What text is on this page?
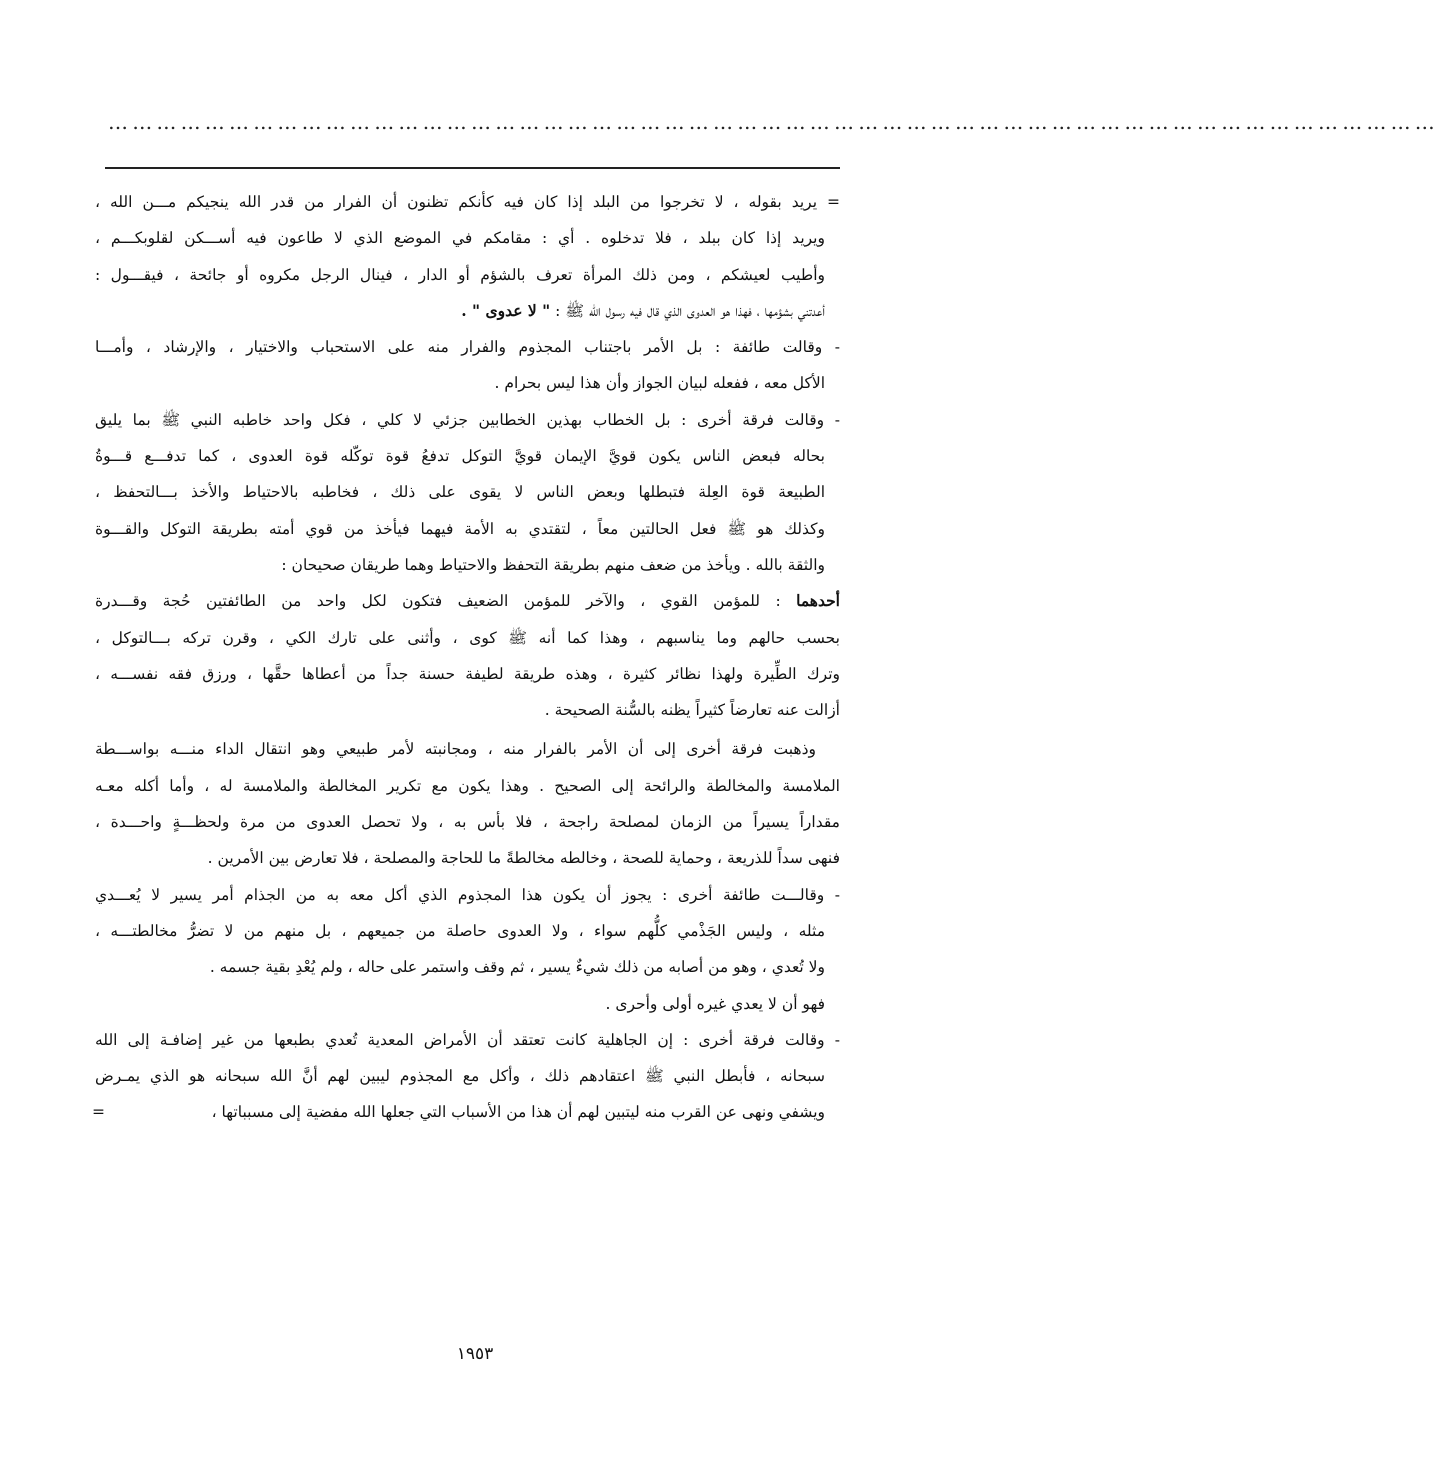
…………………………………………………………………………………………………………………………………………………
= يريد بقوله ، لا تخرجوا من البلد إذا كان فيه كأنكم تظنون أن الفرار من قدر الله ينجيكم مـــن الله ،
ويريد إذا كان ببلد ، فلا تدخلوه . أي : مقامكم في الموضع الذي لا طاعون فيه أســـكن لقلوبكـــم ،
وأطيب لعيشكم ، ومن ذلك المرأة تعرف بالشؤم أو الدار ، فينال الرجل مكروه أو جائحة ، فيقـــول :
أعدتني بشؤمها ، فهذا هو العدوى الذي قال فيه رسول الله ﷺ : " لا عدوى " .
- وقالت طائفة : بل الأمر باجتناب المجذوم والفرار منه على الاستحباب والاختيار ، والإرشاد ، وأمـــا
الأكل معه ، ففعله لبيان الجواز وأن هذا ليس بحرام .
- وقالت فرقة أخرى : بل الخطاب بهذين الخطابين جزئي لا كلي ، فكل واحد خاطبه النبي ﷺ بما يليق
بحاله فبعض الناس يكون قويَّ الإيمان قويَّ التوكل تدفعُ قوة توكّله قوة العدوى ، كما تدفـــع قـــوةُ
الطبيعة قوة العِلة فتبطلها وبعض الناس لا يقوى على ذلك ، فخاطبه بالاحتياط والأخذ بـــالتحفظ ،
وكذلك هو ﷺ فعل الحالتين معاً ، لتقتدي به الأمة فيهما فيأخذ من قوي أمته بطريقة التوكل والقـــوة
والثقة بالله . ويأخذ من ضعف منهم بطريقة التحفظ والاحتياط وهما طريقان صحيحان :
أحدهما : للمؤمن القوي ، والآخر للمؤمن الضعيف فتكون لكل واحد من الطائفتين حُجة وقـــدرة
بحسب حالهم وما يناسبهم ، وهذا كما أنه ﷺ كوى ، وأثنى على تارك الكي ، وقرن تركه بـــالتوكل ،
وترك الطِّيرة ولهذا نظائر كثيرة ، وهذه طريقة لطيفة حسنة جداً من أعطاها حقَّها ، ورزق فقه نفســـه ،
أزالت عنه تعارضاً كثيراً يظنه بالسُّنة الصحيحة .
وذهبت فرقة أخرى إلى أن الأمر بالفرار منه ، ومجانبته لأمر طبيعي وهو انتقال الداء منـــه بواســـطة
الملامسة والمخالطة والرائحة إلى الصحيح . وهذا يكون مع تكرير المخالطة والملامسة له ، وأما أكله معـه
مقداراً يسيراً من الزمان لمصلحة راجحة ، فلا بأس به ، ولا تحصل العدوى من مرة ولحظـــةٍ واحـــدة ،
فنهى سداً للذريعة ، وحماية للصحة ، وخالطه مخالطةً ما للحاجة والمصلحة ، فلا تعارض بين الأمرين .
- وقالـــت طائفة أخرى : يجوز أن يكون هذا المجذوم الذي أكل معه به من الجذام أمر يسير لا يُعـــدي
مثله ، وليس الجَذْمي كلُّهم سواء ، ولا العدوى حاصلة من جميعهم ، بل منهم من لا تضرُّ مخالطتـــه ،
ولا تُعدي ، وهو من أصابه من ذلك شيءٌ يسير ، ثم وقف واستمر على حاله ، ولم يُعْدِ بقية جسمه .
فهو أن لا يعدي غيره أولى وأحرى .
- وقالت فرقة أخرى : إن الجاهلية كانت تعتقد أن الأمراض المعدية تُعدي بطبعها من غير إضافـة إلى الله
سبحانه ، فأبطل النبي ﷺ اعتقادهم ذلك ، وأكل مع المجذوم ليبين لهم أنَّ الله سبحانه هو الذي يمـرض
ويشفي ونهى عن القرب منه ليتبين لهم أن هذا من الأسباب التي جعلها الله مفضية إلى مسبباتها ،
=
١٩٥٣
